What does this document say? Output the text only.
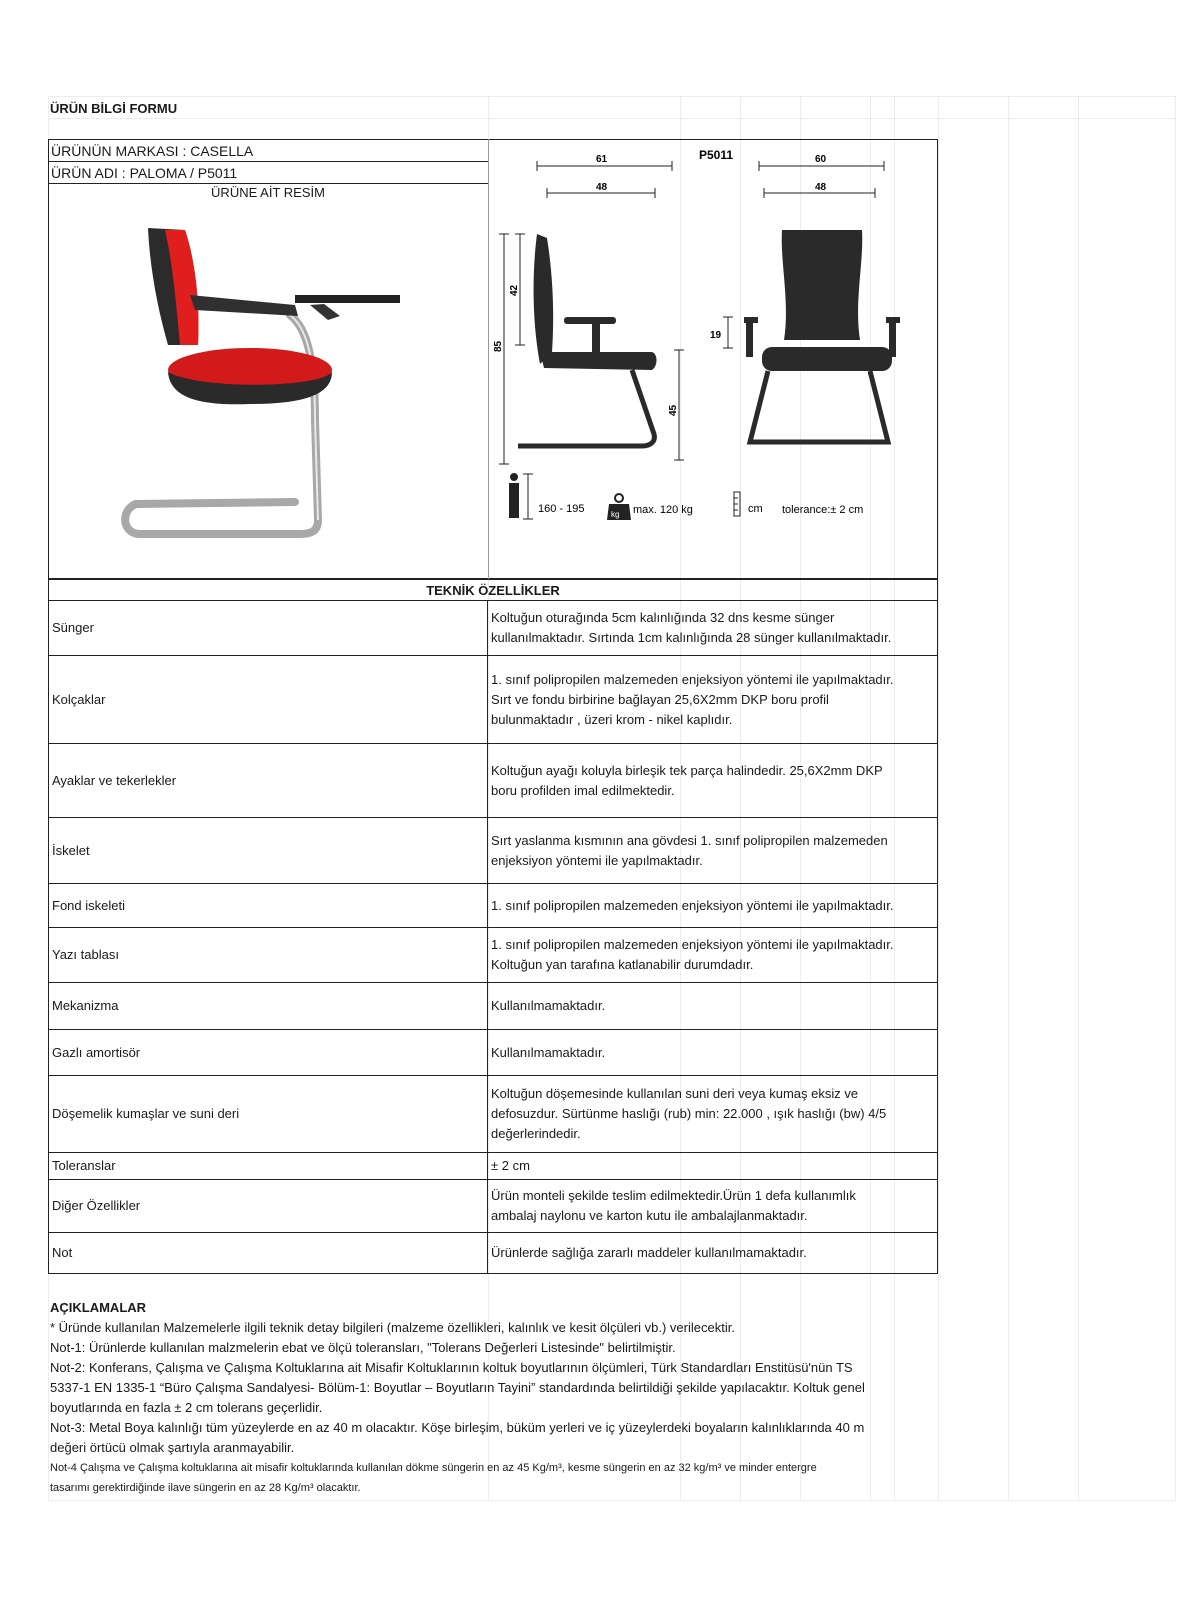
ÜRÜN BİLGİ FORMU
ÜRÜNÜN MARKASI : CASELLA
ÜRÜN ADI : PALOMA / P5011
ÜRÜNE AİT RESİM
P5011
61
48
60
48
85
42
45
19
160 - 195	kg max. 120 kg	cm tolerance:± 2 cm
TEKNİK ÖZELLİKLER	
Sünger	Koltuğun oturağında 5cm kalınlığında 32 dns kesme sünger
kullanılmaktadır. Sırtında 1cm kalınlığında 28 sünger kullanılmaktadır.

Kolçaklar	1. sınıf polipropilen malzemeden enjeksiyon yöntemi ile yapılmaktadır.
Sırt ve fondu birbirine bağlayan 25,6X2mm DKP boru profil
bulunmaktadır , üzeri krom - nikel kaplıdır.

Ayaklar ve tekerlekler	Koltuğun ayağı koluyla birleşik tek parça halindedir. 25,6X2mm DKP
boru profilden imal edilmektedir.

İskelet	Sırt yaslanma kısmının ana gövdesi 1. sınıf polipropilen malzemeden
enjeksiyon yöntemi ile yapılmaktadır.

Fond iskeleti	1. sınıf polipropilen malzemeden enjeksiyon yöntemi ile yapılmaktadır.

Yazı tablası	1. sınıf polipropilen malzemeden enjeksiyon yöntemi ile yapılmaktadır.
Koltuğun yan tarafına katlanabilir durumdadır.

Mekanizma	Kullanılmamaktadır.

Gazlı amortisör	Kullanılmamaktadır.

Döşemelik kumaşlar ve suni deri	Koltuğun döşemesinde kullanılan suni deri veya kumaş eksiz ve
defosuzdur. Sürtünme haslığı (rub) min: 22.000 , ışık haslığı (bw) 4/5
değerlerindedir.

Toleranslar	± 2 cm

Diğer Özellikler	Ürün monteli şekilde teslim edilmektedir.Ürün 1 defa kullanımlık
ambalaj naylonu ve karton kutu ile ambalajlanmaktadır.

Not	Ürünlerde sağlığa zararlı maddeler kullanılmamaktadır.
AÇIKLAMALAR
* Üründe kullanılan Malzemelerle ilgili teknik detay bilgileri (malzeme özellikleri, kalınlık ve kesit ölçüleri vb.) verilecektir.
Not-1: Ürünlerde kullanılan malzmelerin ebat ve ölçü toleransları, "Tolerans Değerleri Listesinde" belirtilmiştir.
Not-2: Konferans, Çalışma ve Çalışma Koltuklarına ait Misafir Koltuklarının koltuk boyutlarının ölçümleri, Türk Standardları Enstitüsü'nün TS
5337-1 EN 1335-1 “Büro Çalışma Sandalyesi- Bölüm-1: Boyutlar – Boyutların Tayini” standardında belirtildiği şekilde yapılacaktır. Koltuk genel
boyutlarında en fazla ± 2 cm tolerans geçerlidir.
Not-3: Metal Boya kalınlığı tüm yüzeylerde en az 40 m olacaktır. Köşe birleşim, büküm yerleri ve iç yüzeylerdeki boyaların kalınlıklarında 40 m
değeri örtücü olmak şartıyla aranmayabilir.
Not-4 Çalışma ve Çalışma koltuklarına ait misafir koltuklarında kullanılan dökme süngerin en az 45 Kg/m³, kesme süngerin en az 32 kg/m³ ve minder entergre
tasarımı gerektirdiğinde ilave süngerin en az 28 Kg/m³ olacaktır.
